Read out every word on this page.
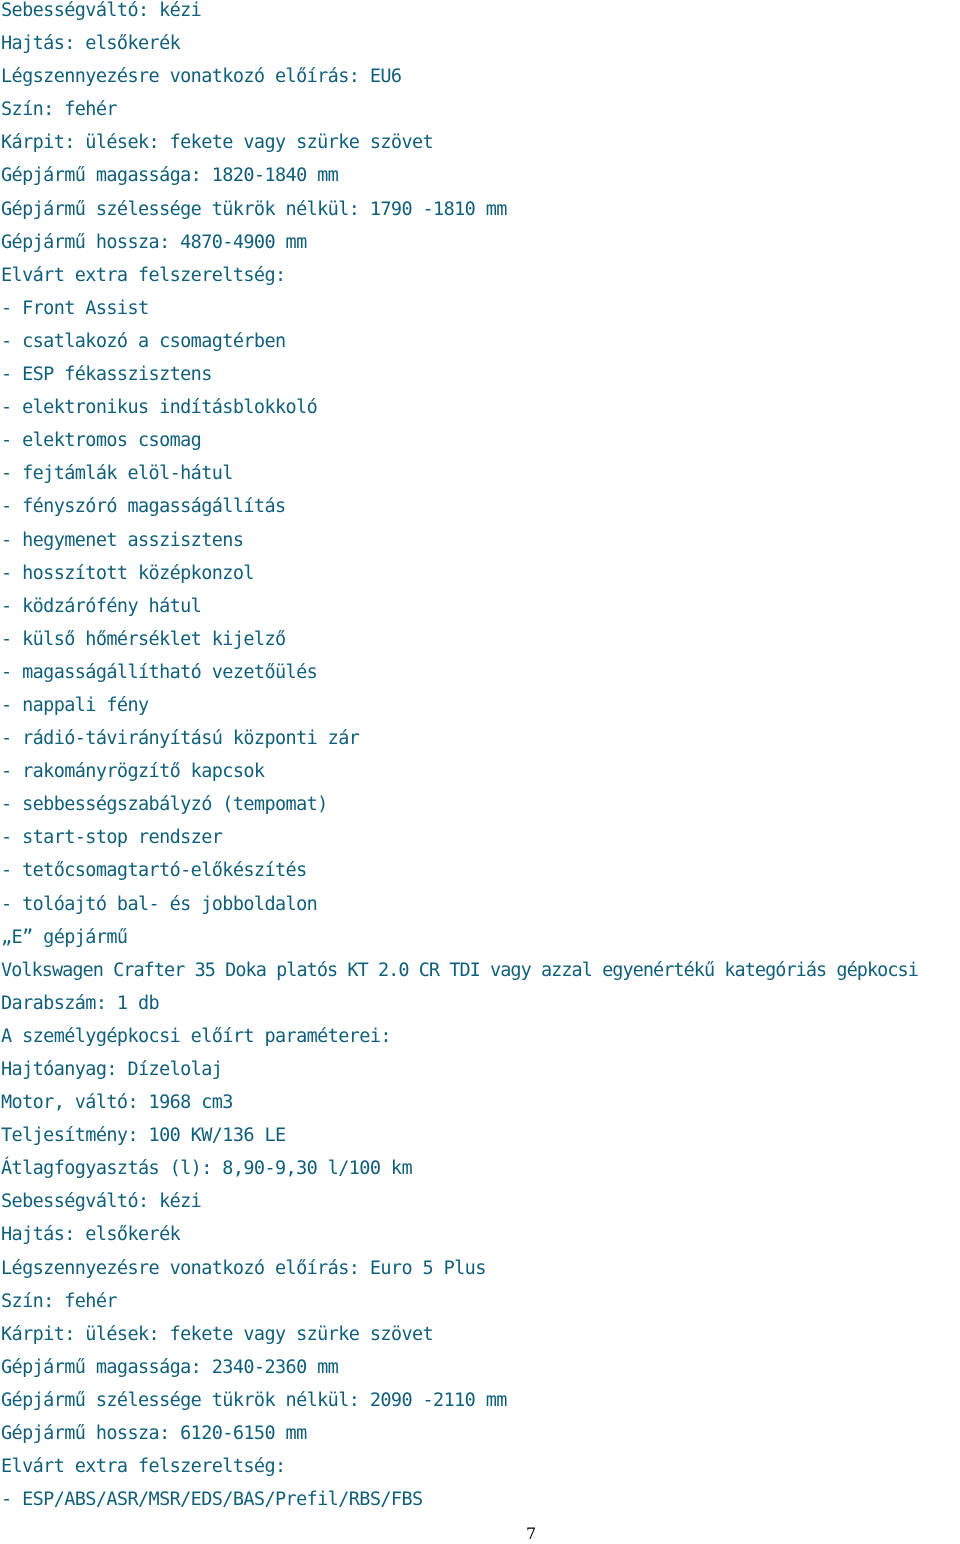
Sebességváltó: kézi
Hajtás: elsőkerék
Légszennyezésre vonatkozó előírás: EU6
Szín: fehér
Kárpit: ülések: fekete vagy szürke szövet
Gépjármű magassága: 1820-1840 mm
Gépjármű szélessége tükrök nélkül: 1790 -1810 mm
Gépjármű hossza: 4870-4900 mm
Elvárt extra felszereltség:
- Front Assist
- csatlakozó a csomagtérben
- ESP fékasszisztens
- elektronikus indításblokkoló
- elektromos csomag
- fejtámlák elöl-hátul
- fényszóró magasságállítás
- hegymenet asszisztens
- hosszított középkonzol
- ködzárófény hátul
- külső hőmérséklet kijelző
- magasságállítható vezetőülés
- nappali fény
- rádió-távirányítású központi zár
- rakományrögzítő kapcsok
- sebbességszabályzó (tempomat)
- start-stop rendszer
- tetőcsomagtartó-előkészítés
- tolóajtó bal- és jobboldalon
„E” gépjármű
Volkswagen Crafter 35 Doka platós KT 2.0 CR TDI vagy azzal egyenértékű kategóriás gépkocsi
Darabszám: 1 db
A személygépkocsi előírt paraméterei:
Hajtóanyag: Dízelolaj
Motor, váltó: 1968 cm3
Teljesítmény: 100 KW/136 LE
Átlagfogyasztás (l): 8,90-9,30 l/100 km
Sebességváltó: kézi
Hajtás: elsőkerék
Légszennyezésre vonatkozó előírás: Euro 5 Plus
Szín: fehér
Kárpit: ülések: fekete vagy szürke szövet
Gépjármű magassága: 2340-2360 mm
Gépjármű szélessége tükrök nélkül: 2090 -2110 mm
Gépjármű hossza: 6120-6150 mm
Elvárt extra felszereltség:
- ESP/ABS/ASR/MSR/EDS/BAS/Prefil/RBS/FBS
7
